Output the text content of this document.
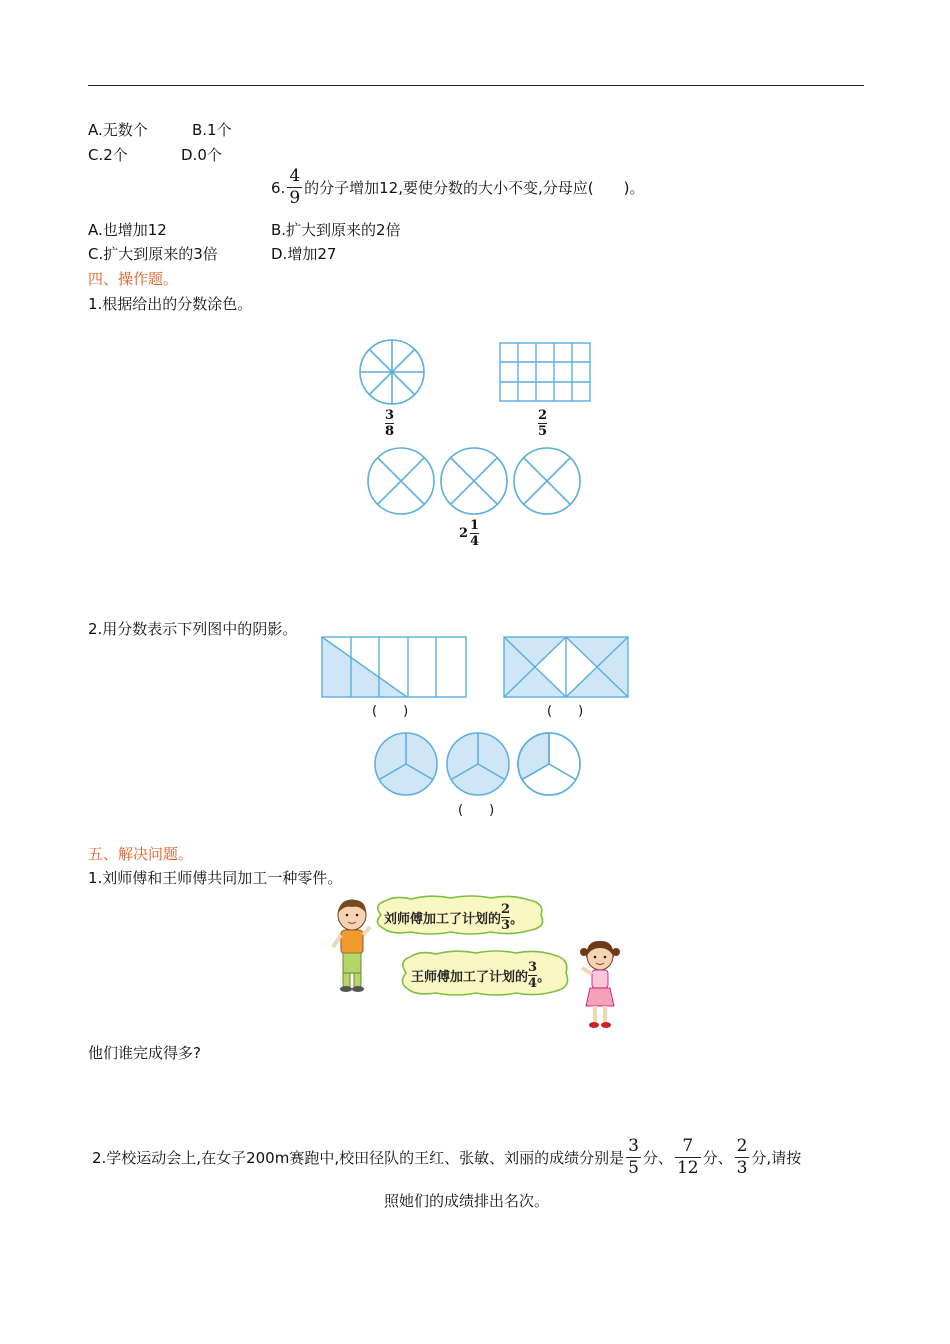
A.无数个	B.1个
C.2个	D.0个
6. $\frac{4}{9}$ 的分子增加12,要使分数的大小不变,分母应(　　)。
A.也增加12	B.扩大到原来的2倍
C.扩大到原来的3倍	D.增加27
四、操作题。
1.根据给出的分数涂色。
$\frac{3}{8}$	$\frac{2}{5}$
$2 \frac{1}{4}$
2.用分数表示下列图中的阴影。
(　　)	(　　)
(　　)
五、解决问题。
1.刘师傅和王师傅共同加工一种零件。
刘师傅加工了计划的 $\frac{2}{3}$ 。
王师傅加工了计划的 $\frac{3}{4}$ 。
他们谁完成得多?
2.学校运动会上,在女子200m赛跑中,校田径队的王红、张敏、刘丽的成绩分别是 $\frac{3}{5}$ 分、 $\frac{7}{12}$ 分、 $\frac{2}{3}$ 分,请按
照她们的成绩排出名次。
